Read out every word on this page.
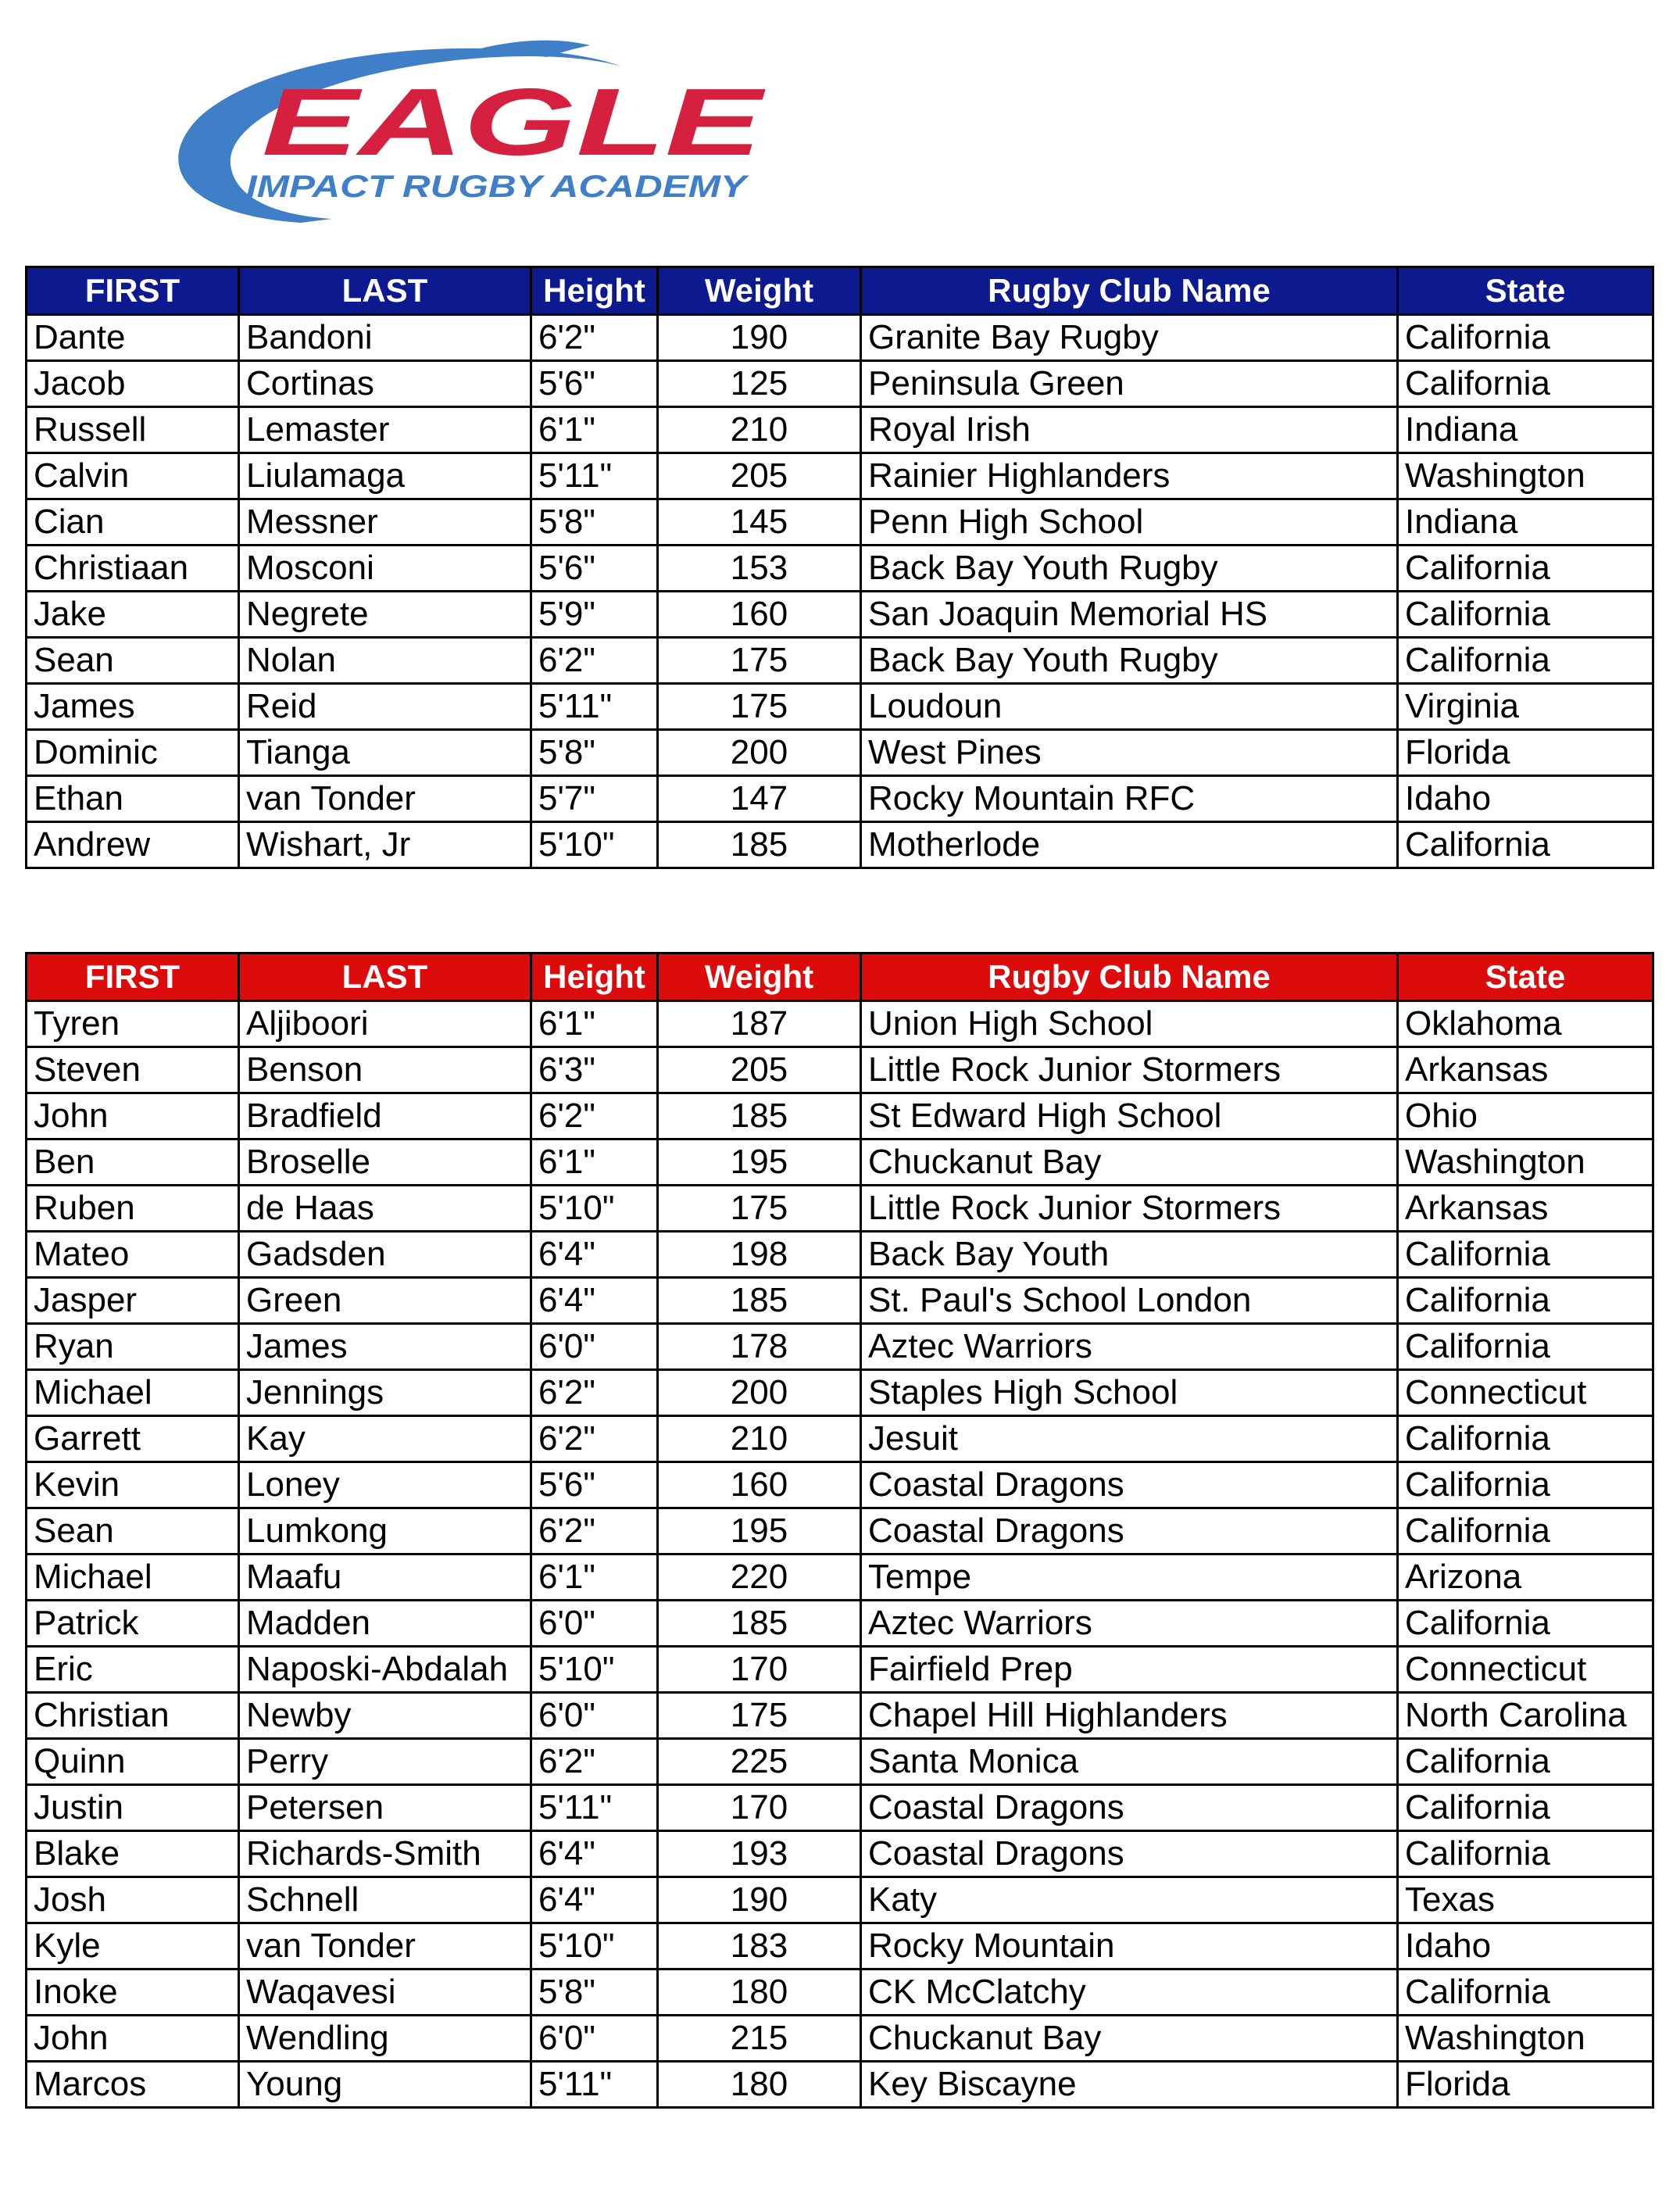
EAGLE
IMPACT RUGBY ACADEMY
FIRST	LAST	Height	Weight	Rugby Club Name	State
Dante	Bandoni	6'2"	190	Granite Bay Rugby	California
Jacob	Cortinas	5'6"	125	Peninsula Green	California
Russell	Lemaster	6'1"	210	Royal Irish	Indiana
Calvin	Liulamaga	5'11"	205	Rainier Highlanders	Washington
Cian	Messner	5'8"	145	Penn High School	Indiana
Christiaan	Mosconi	5'6"	153	Back Bay Youth Rugby	California
Jake	Negrete	5'9"	160	San Joaquin Memorial HS	California
Sean	Nolan	6'2"	175	Back Bay Youth Rugby	California
James	Reid	5'11"	175	Loudoun	Virginia
Dominic	Tianga	5'8"	200	West Pines	Florida
Ethan	van Tonder	5'7"	147	Rocky Mountain RFC	Idaho
Andrew	Wishart, Jr	5'10"	185	Motherlode	California
FIRST	LAST	Height	Weight	Rugby Club Name	State
Tyren	Aljiboori	6'1"	187	Union High School	Oklahoma
Steven	Benson	6'3"	205	Little Rock Junior Stormers	Arkansas
John	Bradfield	6'2"	185	St Edward High School	Ohio
Ben	Broselle	6'1"	195	Chuckanut Bay	Washington
Ruben	de Haas	5'10"	175	Little Rock Junior Stormers	Arkansas
Mateo	Gadsden	6'4"	198	Back Bay Youth	California
Jasper	Green	6'4"	185	St. Paul's School London	California
Ryan	James	6'0"	178	Aztec Warriors	California
Michael	Jennings	6'2"	200	Staples High School	Connecticut
Garrett	Kay	6'2"	210	Jesuit	California
Kevin	Loney	5'6"	160	Coastal Dragons	California
Sean	Lumkong	6'2"	195	Coastal Dragons	California
Michael	Maafu	6'1"	220	Tempe	Arizona
Patrick	Madden	6'0"	185	Aztec Warriors	California
Eric	Naposki-Abdalah	5'10"	170	Fairfield Prep	Connecticut
Christian	Newby	6'0"	175	Chapel Hill Highlanders	North Carolina
Quinn	Perry	6'2"	225	Santa Monica	California
Justin	Petersen	5'11"	170	Coastal Dragons	California
Blake	Richards-Smith	6'4"	193	Coastal Dragons	California
Josh	Schnell	6'4"	190	Katy	Texas
Kyle	van Tonder	5'10"	183	Rocky Mountain	Idaho
Inoke	Waqavesi	5'8"	180	CK McClatchy	California
John	Wendling	6'0"	215	Chuckanut Bay	Washington
Marcos	Young	5'11"	180	Key Biscayne	Florida
